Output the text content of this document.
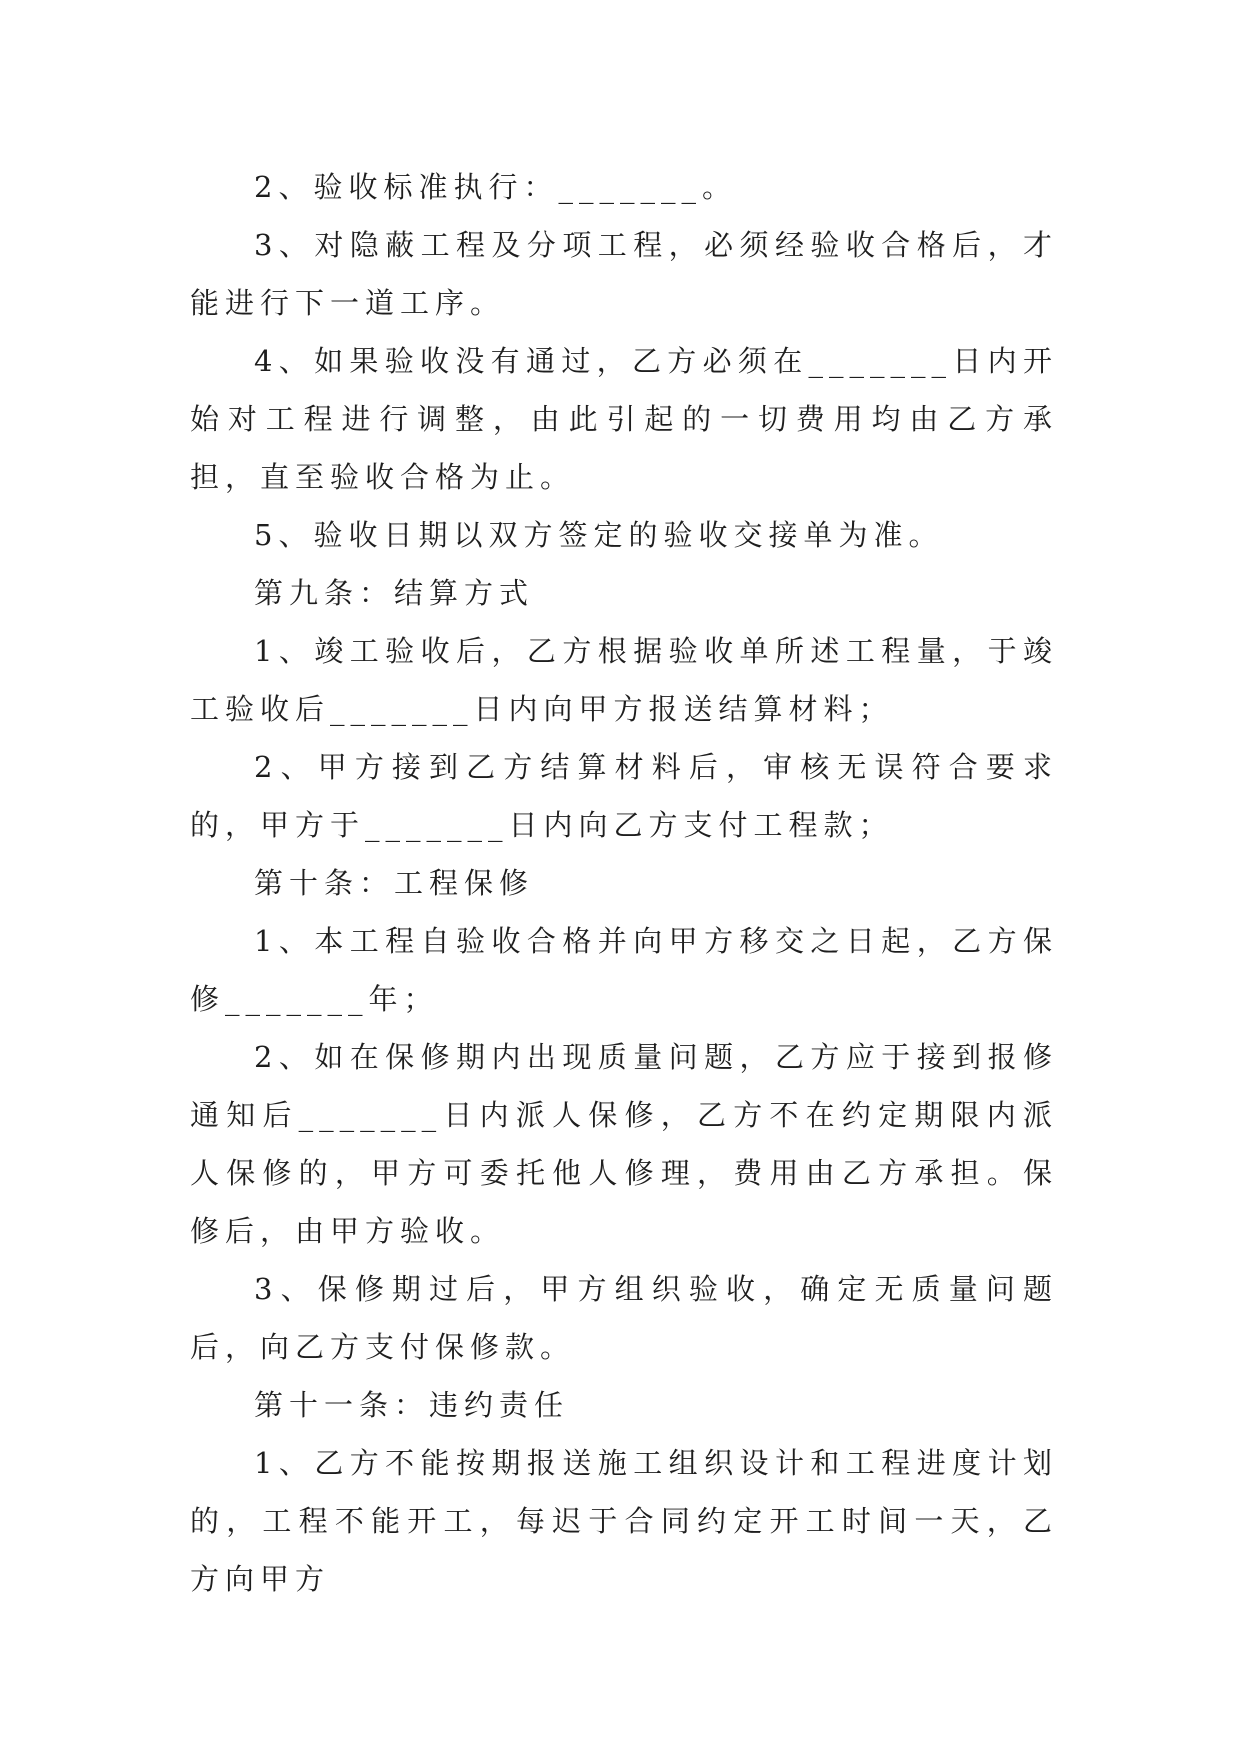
2、验收标准执行：_______。

3、对隐蔽工程及分项工程，必须经验收合格后，才能进行下一道工序。

4、如果验收没有通过，乙方必须在_______日内开始对工程进行调整，由此引起的一切费用均由乙方承担，直至验收合格为止。

5、验收日期以双方签定的验收交接单为准。

第九条：结算方式

1、竣工验收后，乙方根据验收单所述工程量，于竣工验收后_______日内向甲方报送结算材料；

2、甲方接到乙方结算材料后，审核无误符合要求的，甲方于_______日内向乙方支付工程款；

第十条：工程保修

1、本工程自验收合格并向甲方移交之日起，乙方保修_______年；

2、如在保修期内出现质量问题，乙方应于接到报修通知后_______日内派人保修，乙方不在约定期限内派人保修的，甲方可委托他人修理，费用由乙方承担。保修后，由甲方验收。

3、保修期过后，甲方组织验收，确定无质量问题后，向乙方支付保修款。

第十一条：违约责任

1、乙方不能按期报送施工组织设计和工程进度计划的，工程不能开工，每迟于合同约定开工时间一天，乙方向甲方
